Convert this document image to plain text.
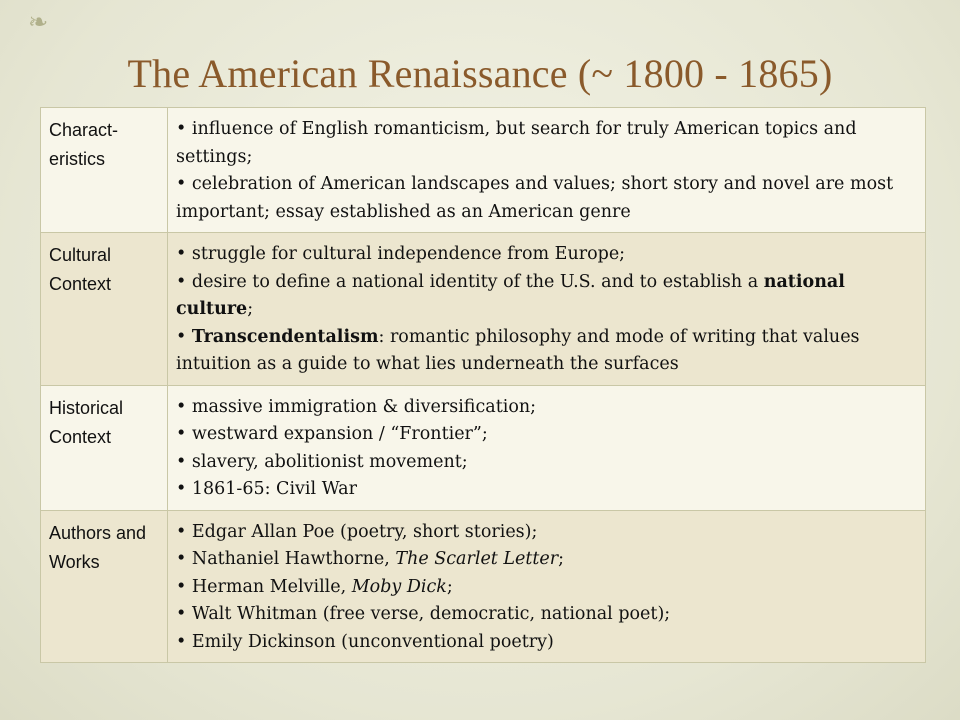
❧
The American Renaissance (~ 1800 - 1865)
Charact-
eristics	• influence of English romanticism, but search for truly American topics and settings;
• celebration of American landscapes and values; short story and novel are most important; essay established as an American genre

Cultural Context	• struggle for cultural independence from Europe;
• desire to define a national identity of the U.S. and to establish a national culture;
• Transcendentalism: romantic philosophy and mode of writing that values intuition as a guide to what lies underneath the surfaces

Historical Context	• massive immigration & diversification;
• westward expansion / “Frontier”;
• slavery, abolitionist movement;
• 1861-65: Civil War

Authors and Works	• Edgar Allan Poe (poetry, short stories);
• Nathaniel Hawthorne, The Scarlet Letter;
• Herman Melville, Moby Dick;
• Walt Whitman (free verse, democratic, national poet);
• Emily Dickinson (unconventional poetry)
